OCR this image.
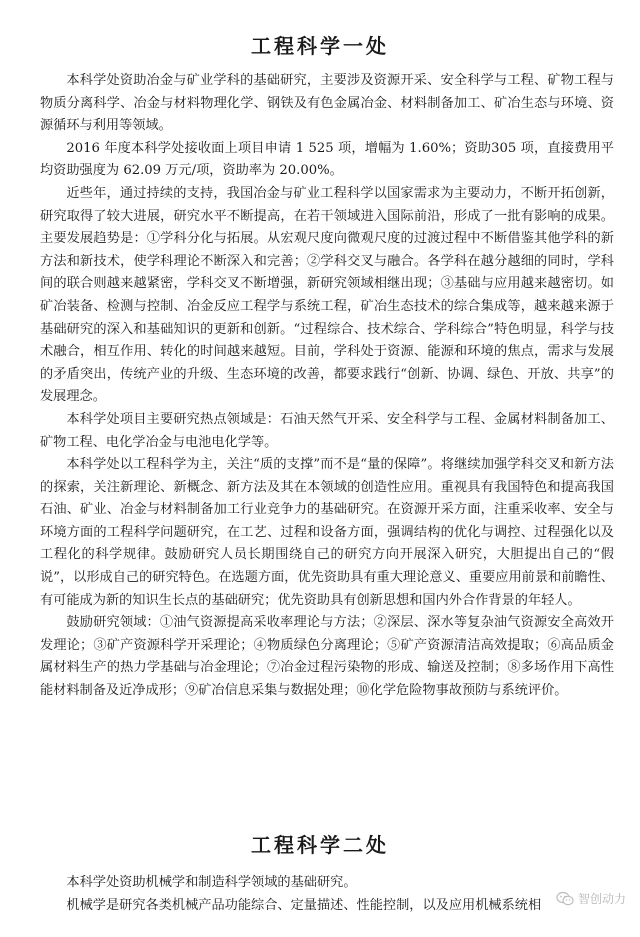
工程科学一处

本科学处资助冶金与矿业学科的基础研究，主要涉及资源开采、安全科学与工程、矿物工程与物质分离科学、冶金与材料物理化学、钢铁及有色金属冶金、材料制备加工、矿冶生态与环境、资源循环与利用等领域。

2016 年度本科学处接收面上项目申请 1 525 项，增幅为 1.60%；资助305 项，直接费用平均资助强度为 62.09 万元/项，资助率为 20.00%。

近些年，通过持续的支持，我国冶金与矿业工程科学以国家需求为主要动力，不断开拓创新，研究取得了较大进展，研究水平不断提高，在若干领域进入国际前沿，形成了一批有影响的成果。主要发展趋势是：①学科分化与拓展。从宏观尺度向微观尺度的过渡过程中不断借鉴其他学科的新方法和新技术，使学科理论不断深入和完善；②学科交叉与融合。各学科在越分越细的同时，学科间的联合则越来越紧密，学科交叉不断增强，新研究领域相继出现；③基础与应用越来越密切。如矿冶装备、检测与控制、冶金反应工程学与系统工程，矿冶生态技术的综合集成等，越来越来源于基础研究的深入和基础知识的更新和创新。“过程综合、技术综合、学科综合”特色明显，科学与技术融合，相互作用、转化的时间越来越短。目前，学科处于资源、能源和环境的焦点，需求与发展的矛盾突出，传统产业的升级、生态环境的改善，都要求践行“创新、协调、绿色、开放、共享”的发展理念。

本科学处项目主要研究热点领域是：石油天然气开采、安全科学与工程、金属材料制备加工、矿物工程、电化学冶金与电池电化学等。

本科学处以工程科学为主，关注“质的支撑”而不是“量的保障”。将继续加强学科交叉和新方法的探索，关注新理论、新概念、新方法及其在本领域的创造性应用。重视具有我国特色和提高我国石油、矿业、冶金与材料制备加工行业竞争力的基础研究。在资源开采方面，注重采收率、安全与环境方面的工程科学问题研究，在工艺、过程和设备方面，强调结构的优化与调控、过程强化以及工程化的科学规律。鼓励研究人员长期围绕自己的研究方向开展深入研究，大胆提出自己的“假说”，以形成自己的研究特色。在选题方面，优先资助具有重大理论意义、重要应用前景和前瞻性、有可能成为新的知识生长点的基础研究；优先资助具有创新思想和国内外合作背景的年轻人。

鼓励研究领域：①油气资源提高采收率理论与方法；②深层、深水等复杂油气资源安全高效开发理论；③矿产资源科学开采理论；④物质绿色分离理论；⑤矿产资源清洁高效提取；⑥高品质金属材料生产的热力学基础与冶金理论；⑦冶金过程污染物的形成、输送及控制；⑧多场作用下高性能材料制备及近净成形；⑨矿冶信息采集与数据处理；⑩化学危险物事故预防与系统评价。

工程科学二处

本科学处资助机械学和制造科学领域的基础研究。

机械学是研究各类机械产品功能综合、定量描述、性能控制，以及应用机械系统相	智创动力
